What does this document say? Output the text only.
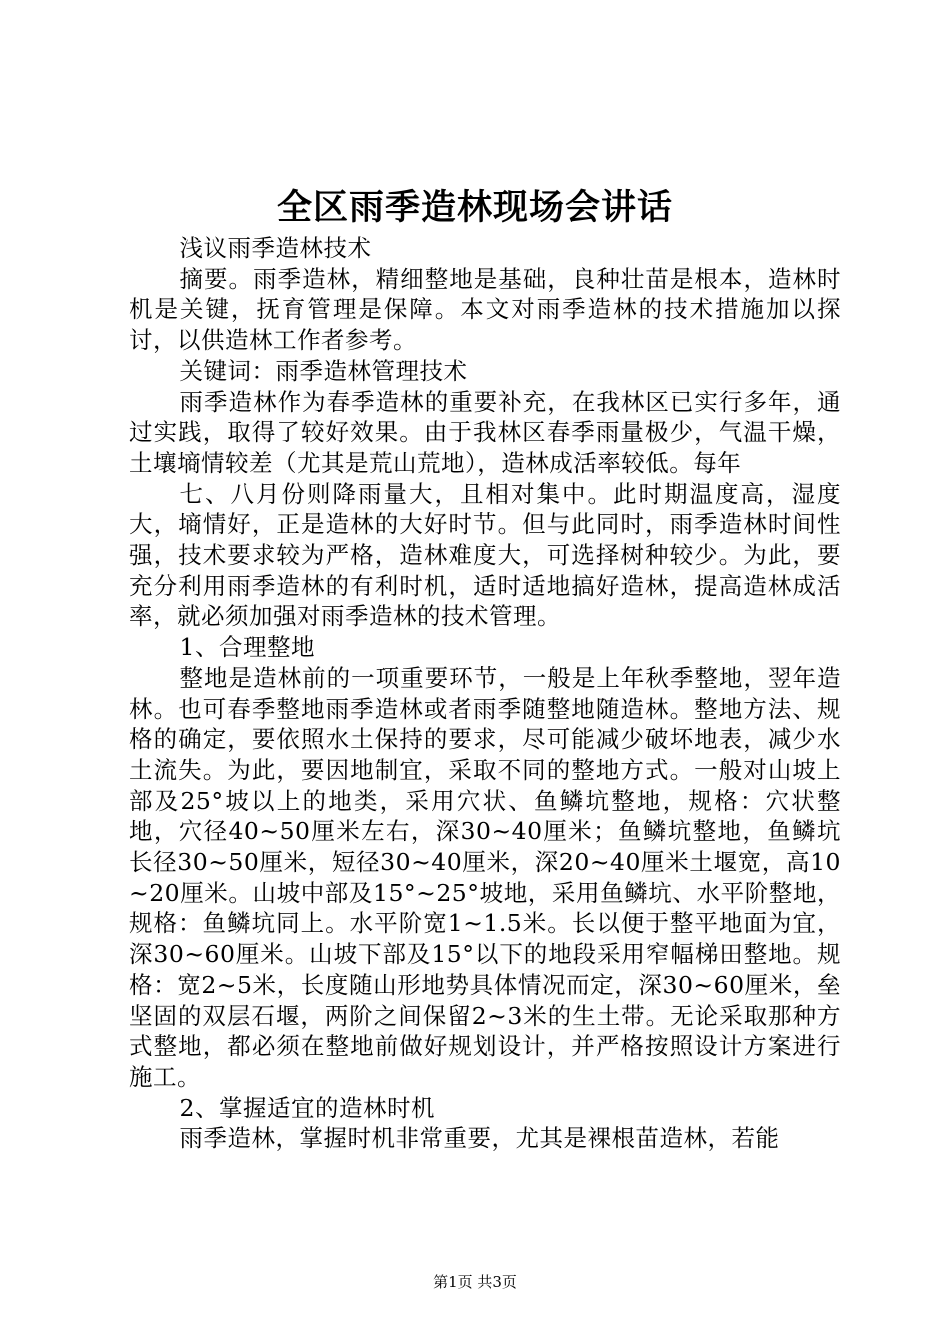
全区雨季造林现场会讲话

浅议雨季造林技术

摘要。雨季造林，精细整地是基础，良种壮苗是根本，造林时机是关键，抚育管理是保障。本文对雨季造林的技术措施加以探讨，以供造林工作者参考。

关键词：雨季造林管理技术

雨季造林作为春季造林的重要补充，在我林区已实行多年，通过实践，取得了较好效果。由于我林区春季雨量极少，气温干燥，土壤墒情较差（尤其是荒山荒地），造林成活率较低。每年

七、八月份则降雨量大，且相对集中。此时期温度高，湿度大，墒情好，正是造林的大好时节。但与此同时，雨季造林时间性强，技术要求较为严格，造林难度大，可选择树种较少。为此，要充分利用雨季造林的有利时机，适时适地搞好造林，提高造林成活率，就必须加强对雨季造林的技术管理。

1、合理整地

整地是造林前的一项重要环节，一般是上年秋季整地，翌年造林。也可春季整地雨季造林或者雨季随整地随造林。整地方法、规格的确定，要依照水土保持的要求，尽可能减少破坏地表，减少水土流失。为此，要因地制宜，采取不同的整地方式。一般对山坡上部及25°坡以上的地类，采用穴状、鱼鳞坑整地，规格：穴状整地，穴径40~50厘米左右，深30~40厘米；鱼鳞坑整地，鱼鳞坑长径30~50厘米，短径30~40厘米，深20~40厘米土堰宽，高10~20厘米。山坡中部及15°~25°坡地，采用鱼鳞坑、水平阶整地，规格：鱼鳞坑同上。水平阶宽1~1.5米。长以便于整平地面为宜，深30~60厘米。山坡下部及15°以下的地段采用窄幅梯田整地。规格：宽2~5米，长度随山形地势具体情况而定，深30~60厘米，垒坚固的双层石堰，两阶之间保留2~3米的生土带。无论采取那种方式整地，都必须在整地前做好规划设计，并严格按照设计方案进行施工。

2、掌握适宜的造林时机

雨季造林，掌握时机非常重要，尤其是裸根苗造林，若能

第1页 共3页
